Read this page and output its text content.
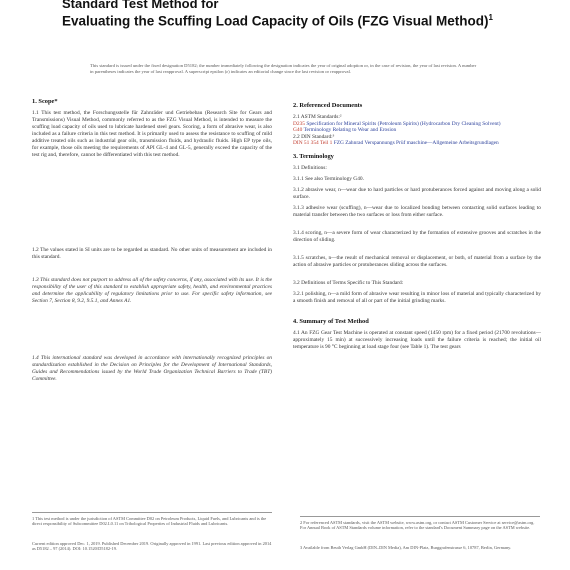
Standard Test Method for
Evaluating the Scuffing Load Capacity of Oils (FZG Visual Method)$^1$
This standard is issued under the fixed designation D5182; the number immediately following the designation indicates the year of original adoption or, in the case of revision, the year of last revision. A number in parentheses indicates the year of last reapproval. A superscript epsilon (ε) indicates an editorial change since the last revision or reapproval.
1. Scope*

1.1 This test method, the Forschungsstelle für Zahnräder und Getriebebau (Research Site for Gears and Transmissions) Visual Method, commonly referred to as the FZG Visual Method, is intended to measure the scuffing load capacity of oils used to lubricate hardened steel gears. Scoring, a form of abrasive wear, is also included as a failure criteria in this test method. It is primarily used to assess the resistance to scuffing of mild additive treated oils such as industrial gear oils, transmission fluids, and hydraulic fluids. High EP type oils, for example, those oils meeting the requirements of API GL-4 and GL-5, generally exceed the capacity of the test rig and, therefore, cannot be differentiated with this test method.

1.2 The values stated in SI units are to be regarded as standard. No other units of measurement are included in this standard.

1.3 This standard does not purport to address all of the safety concerns, if any, associated with its use. It is the responsibility of the user of this standard to establish appropriate safety, health, and environmental practices and determine the applicability of regulatory limitations prior to use. For specific safety information, see Section 7, Section 8, 9.2, 9.5.1, and Annex A1.

1.4 This international standard was developed in accordance with internationally recognized principles on standardization established in the Decision on Principles for the Development of International Standards, Guides and Recommendations issued by the World Trade Organization Technical Barriers to Trade (TBT) Committee.

1 This test method is under the jurisdiction of ASTM Committee D02 on Petroleum Products, Liquid Fuels, and Lubricants and is the direct responsibility of Subcommittee D02.L0.11 on Tribological Properties of Industrial Fluids and Lubricants.

Current edition approved Dec. 1, 2019. Published December 2019. Originally approved in 1991. Last previous edition approved in 2014 as D5182 – 97 (2014). DOI: 10.1520/D5182-19.

2. Referenced Documents

2.1 ASTM Standards:²

D235 Specification for Mineral Spirits (Petroleum Spirits) (Hydrocarbon Dry Cleaning Solvent)

G40 Terminology Relating to Wear and Erosion

2.2 DIN Standard:³

DIN 51 354 Teil 1 FZG Zahnrad Verspannungs Prüf maschine—Allgemeine Arbeitsgrundlagen

3. Terminology

3.1 Definitions:

3.1.1 See also Terminology G40.

3.1.2 abrasive wear, n—wear due to hard particles or hard protuberances forced against and moving along a solid surface.

3.1.3 adhesive wear (scuffing), n—wear due to localized bonding between contacting solid surfaces leading to material transfer between the two surfaces or loss from either surface.

3.1.4 scoring, n—a severe form of wear characterized by the formation of extensive grooves and scratches in the direction of sliding.

3.1.5 scratches, n—the result of mechanical removal or displacement, or both, of material from a surface by the action of abrasive particles or protuberances sliding across the surfaces.

3.2 Definitions of Terms Specific to This Standard:

3.2.1 polishing, n—a mild form of abrasive wear resulting in minor loss of material and typically characterized by a smooth finish and removal of all or part of the initial grinding marks.

4. Summary of Test Method

4.1 An FZG Gear Test Machine is operated at constant speed (1450 rpm) for a fixed period (21700 revolutions— approximately 15 min) at successively increasing loads until the failure criteria is reached; the initial oil temperature is 90 °C beginning at load stage four (see Table 1). The test gears

2 For referenced ASTM standards, visit the ASTM website, www.astm.org, or contact ASTM Customer Service at service@astm.org. For Annual Book of ASTM Standards volume information, refer to the standard's Document Summary page on the ASTM website.

3 Available from Beuth Verlag GmbH (DIN–DIN Media), Am DIN-Platz, Burggrafenstrasse 6, 10787, Berlin, Germany.
